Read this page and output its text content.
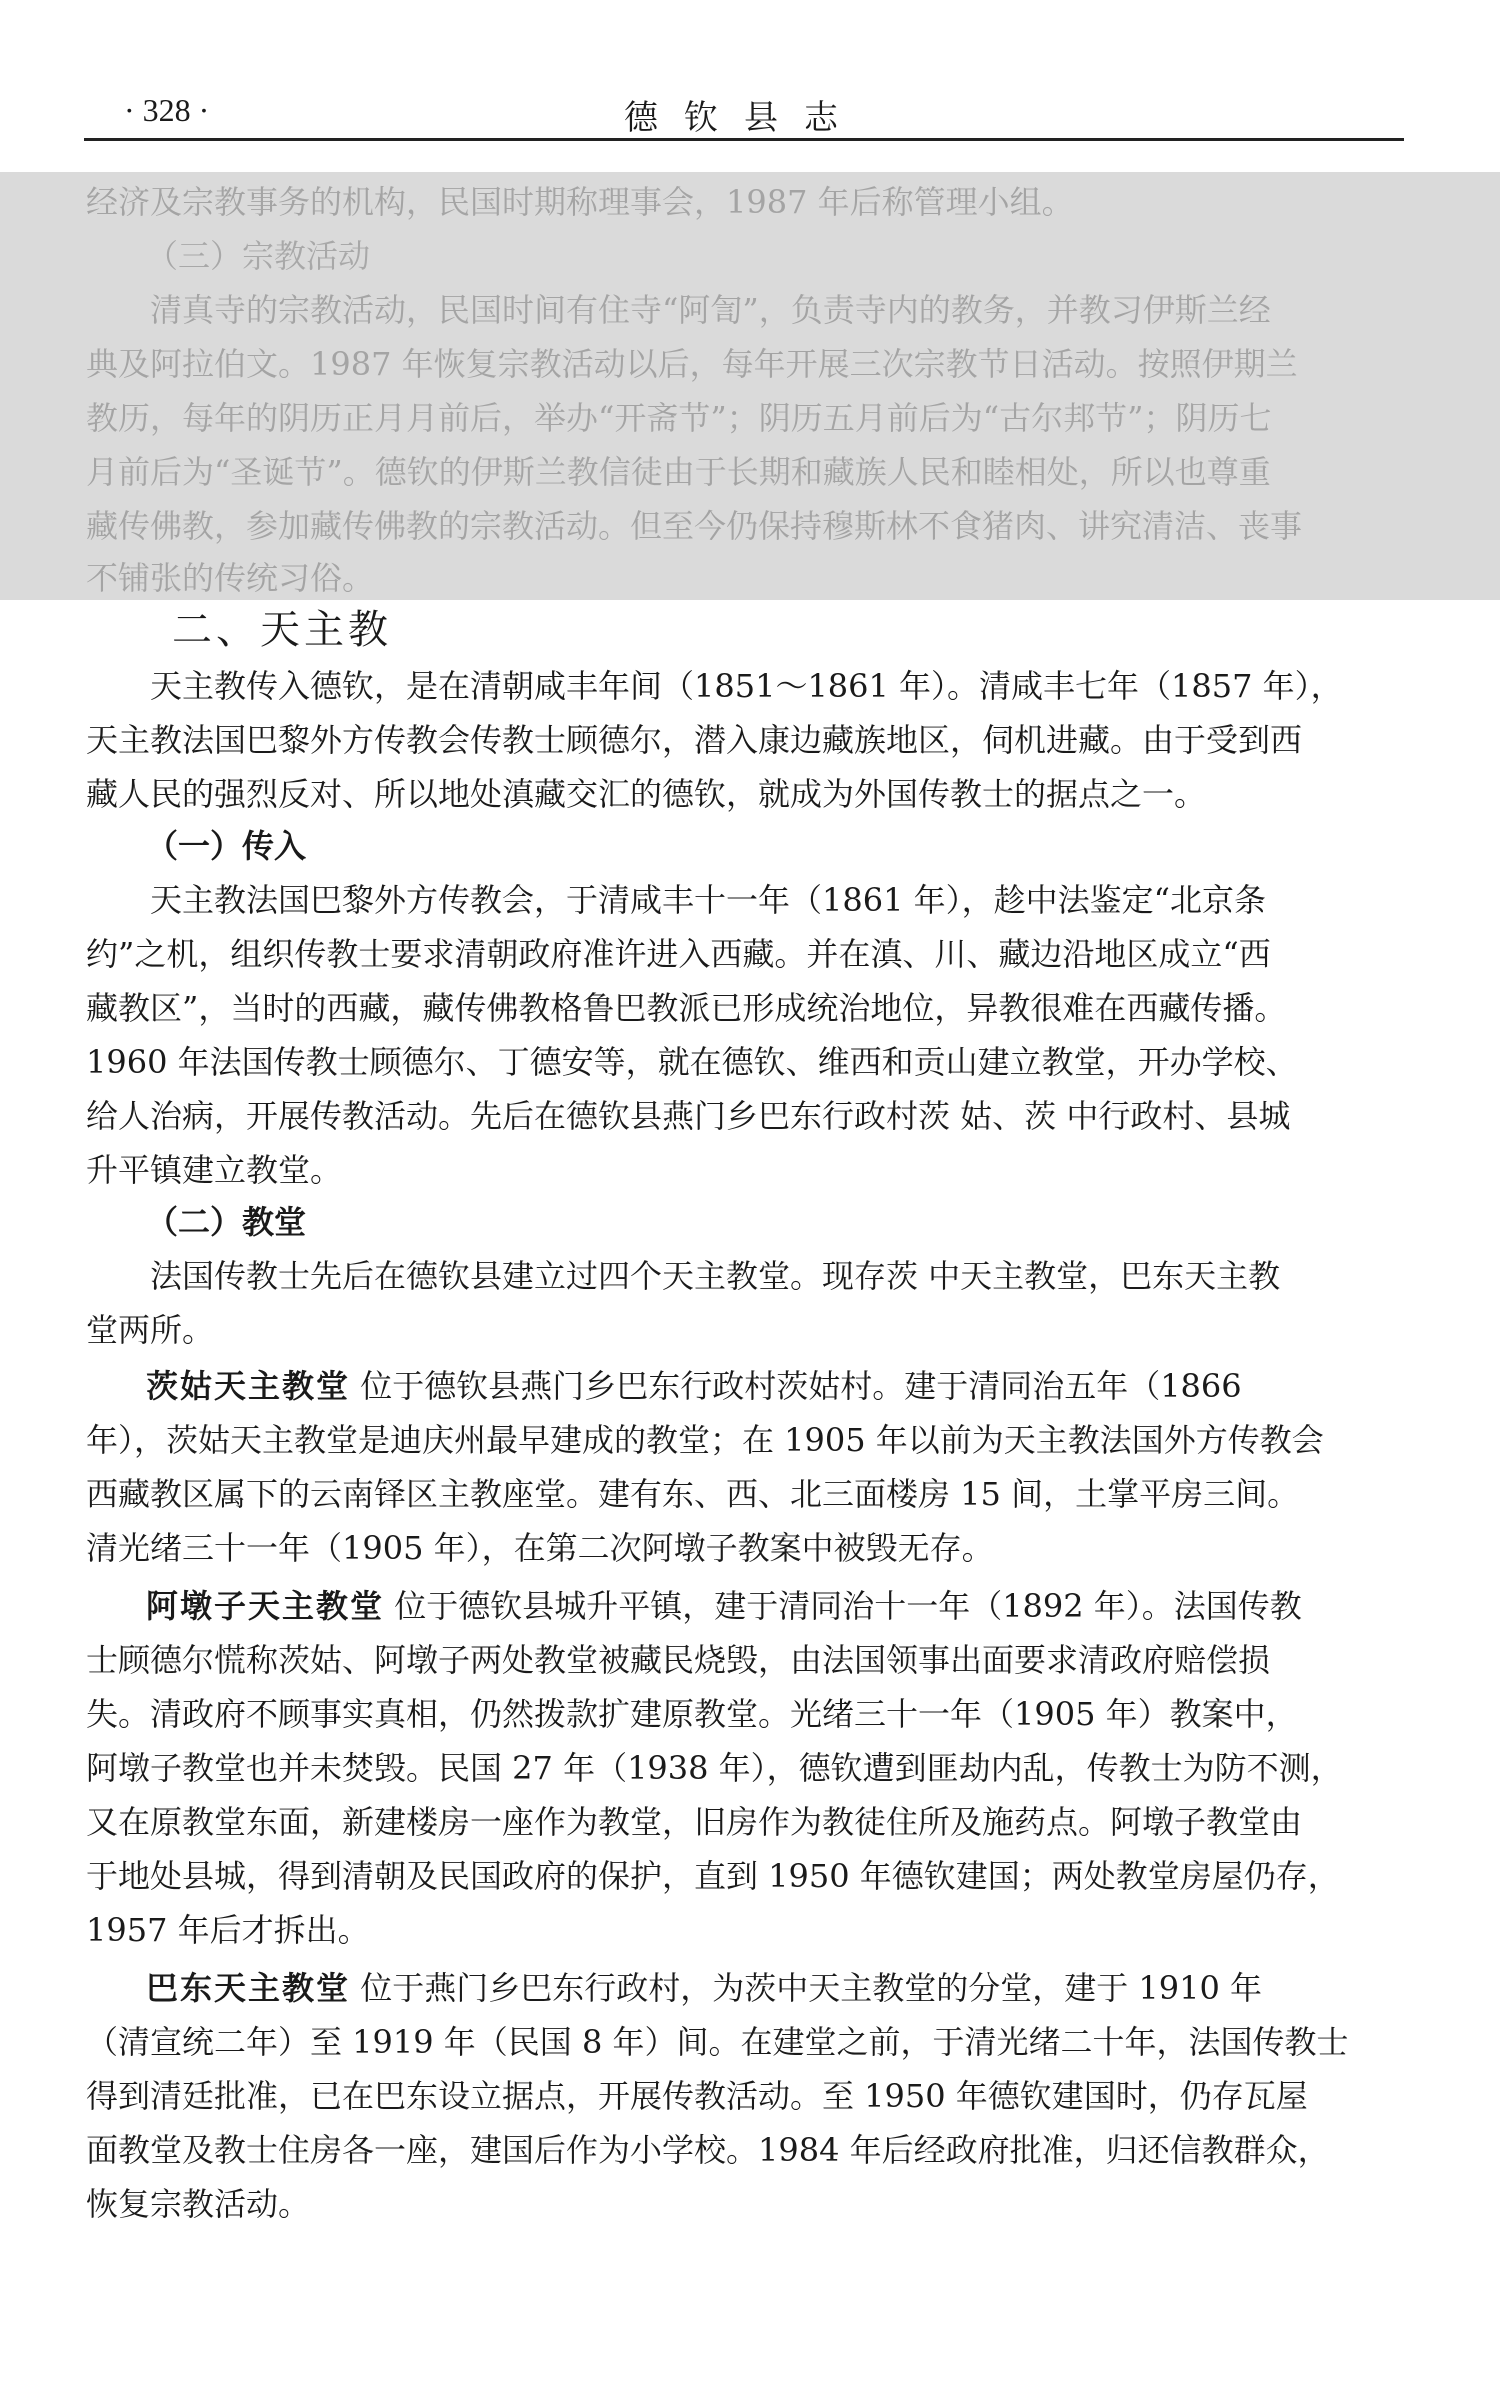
· 328 ·	德钦县志
经济及宗教事务的机构，民国时期称理事会，1987 年后称管理小组。
（三）宗教活动
清真寺的宗教活动，民国时间有住寺“阿訇”，负责寺内的教务，并教习伊斯兰经
典及阿拉伯文。1987 年恢复宗教活动以后，每年开展三次宗教节日活动。按照伊期兰
教历，每年的阴历正月月前后，举办“开斋节”；阴历五月前后为“古尔邦节”；阴历七
月前后为“圣诞节”。德钦的伊斯兰教信徒由于长期和藏族人民和睦相处，所以也尊重
藏传佛教，参加藏传佛教的宗教活动。但至今仍保持穆斯林不食猪肉、讲究清洁、丧事
不铺张的传统习俗。
二、天主教
天主教传入德钦，是在清朝咸丰年间（1851～1861 年）。清咸丰七年（1857 年），
天主教法国巴黎外方传教会传教士顾德尔，潜入康边藏族地区，伺机进藏。由于受到西
藏人民的强烈反对、所以地处滇藏交汇的德钦，就成为外国传教士的据点之一。
（一）传入
天主教法国巴黎外方传教会，于清咸丰十一年（1861 年），趁中法鉴定“北京条
约”之机，组织传教士要求清朝政府准许进入西藏。并在滇、川、藏边沿地区成立“西
藏教区”，当时的西藏，藏传佛教格鲁巴教派已形成统治地位，异教很难在西藏传播。
1960 年法国传教士顾德尔、丁德安等，就在德钦、维西和贡山建立教堂，开办学校、
给人治病，开展传教活动。先后在德钦县燕门乡巴东行政村茨 姑、茨 中行政村、县城
升平镇建立教堂。
（二）教堂
法国传教士先后在德钦县建立过四个天主教堂。现存茨 中天主教堂，巴东天主教
堂两所。
茨姑天主教堂 位于德钦县燕门乡巴东行政村茨姑村。建于清同治五年（1866
年），茨姑天主教堂是迪庆州最早建成的教堂；在 1905 年以前为天主教法国外方传教会
西藏教区属下的云南铎区主教座堂。建有东、西、北三面楼房 15 间，土掌平房三间。
清光绪三十一年（1905 年），在第二次阿墩子教案中被毁无存。
阿墩子天主教堂 位于德钦县城升平镇，建于清同治十一年（1892 年）。法国传教
士顾德尔慌称茨姑、阿墩子两处教堂被藏民烧毁，由法国领事出面要求清政府赔偿损
失。清政府不顾事实真相，仍然拨款扩建原教堂。光绪三十一年（1905 年）教案中，
阿墩子教堂也并未焚毁。民国 27 年（1938 年），德钦遭到匪劫内乱，传教士为防不测，
又在原教堂东面，新建楼房一座作为教堂，旧房作为教徒住所及施药点。阿墩子教堂由
于地处县城，得到清朝及民国政府的保护，直到 1950 年德钦建国；两处教堂房屋仍存，
1957 年后才拆出。
巴东天主教堂 位于燕门乡巴东行政村，为茨中天主教堂的分堂，建于 1910 年
（清宣统二年）至 1919 年（民国 8 年）间。在建堂之前，于清光绪二十年，法国传教士
得到清廷批准，已在巴东设立据点，开展传教活动。至 1950 年德钦建国时，仍存瓦屋
面教堂及教士住房各一座，建国后作为小学校。1984 年后经政府批准，归还信教群众，
恢复宗教活动。
